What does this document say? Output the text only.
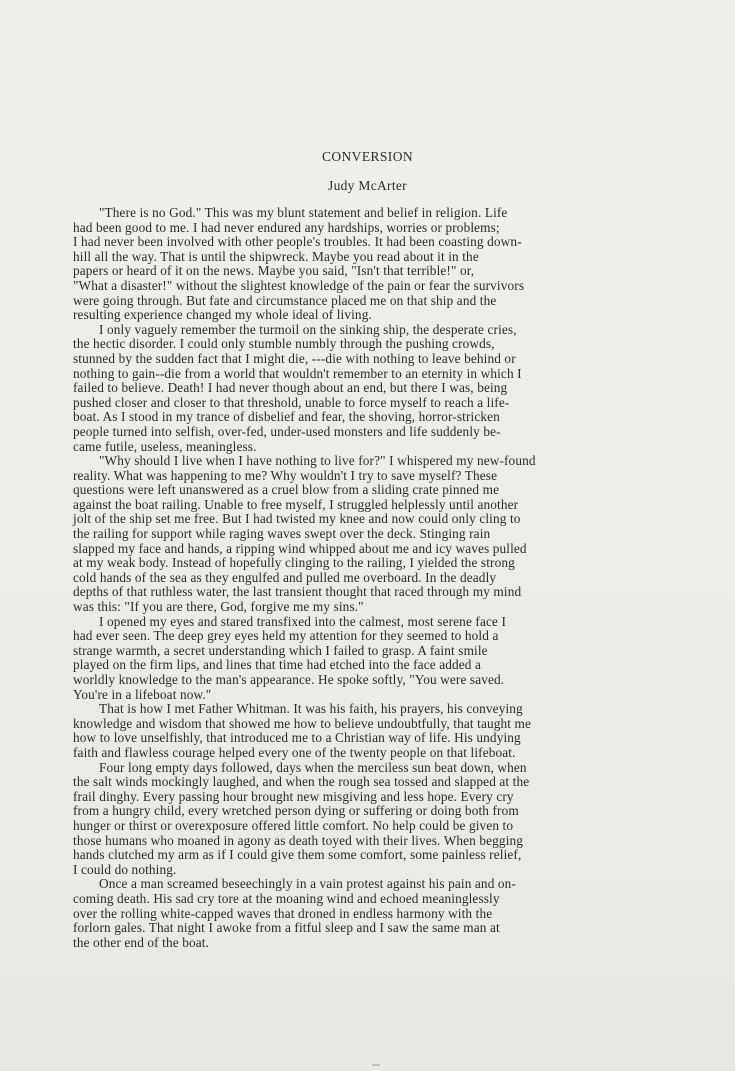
CONVERSION
Judy McArter
"There is no God." This was my blunt statement and belief in religion. Life
had been good to me. I had never endured any hardships, worries or problems;
I had never been involved with other people's troubles. It had been coasting down-
hill all the way. That is until the shipwreck. Maybe you read about it in the
papers or heard of it on the news. Maybe you said, "Isn't that terrible!" or,
"What a disaster!" without the slightest knowledge of the pain or fear the survivors
were going through. But fate and circumstance placed me on that ship and the
resulting experience changed my whole ideal of living.
I only vaguely remember the turmoil on the sinking ship, the desperate cries,
the hectic disorder. I could only stumble numbly through the pushing crowds,
stunned by the sudden fact that I might die, ---die with nothing to leave behind or
nothing to gain--die from a world that wouldn't remember to an eternity in which I
failed to believe. Death! I had never though about an end, but there I was, being
pushed closer and closer to that threshold, unable to force myself to reach a life-
boat. As I stood in my trance of disbelief and fear, the shoving, horror-stricken
people turned into selfish, over-fed, under-used monsters and life suddenly be-
came futile, useless, meaningless.
"Why should I live when I have nothing to live for?" I whispered my new-found
reality. What was happening to me? Why wouldn't I try to save myself? These
questions were left unanswered as a cruel blow from a sliding crate pinned me
against the boat railing. Unable to free myself, I struggled helplessly until another
jolt of the ship set me free. But I had twisted my knee and now could only cling to
the railing for support while raging waves swept over the deck. Stinging rain
slapped my face and hands, a ripping wind whipped about me and icy waves pulled
at my weak body. Instead of hopefully clinging to the railing, I yielded the strong
cold hands of the sea as they engulfed and pulled me overboard. In the deadly
depths of that ruthless water, the last transient thought that raced through my mind
was this: "If you are there, God, forgive me my sins."
I opened my eyes and stared transfixed into the calmest, most serene face I
had ever seen. The deep grey eyes held my attention for they seemed to hold a
strange warmth, a secret understanding which I failed to grasp. A faint smile
played on the firm lips, and lines that time had etched into the face added a
worldly knowledge to the man's appearance. He spoke softly, "You were saved.
You're in a lifeboat now."
That is how I met Father Whitman. It was his faith, his prayers, his conveying
knowledge and wisdom that showed me how to believe undoubtfully, that taught me
how to love unselfishly, that introduced me to a Christian way of life. His undying
faith and flawless courage helped every one of the twenty people on that lifeboat.
Four long empty days followed, days when the merciless sun beat down, when
the salt winds mockingly laughed, and when the rough sea tossed and slapped at the
frail dinghy. Every passing hour brought new misgiving and less hope. Every cry
from a hungry child, every wretched person dying or suffering or doing both from
hunger or thirst or overexposure offered little comfort. No help could be given to
those humans who moaned in agony as death toyed with their lives. When begging
hands clutched my arm as if I could give them some comfort, some painless relief,
I could do nothing.
Once a man screamed beseechingly in a vain protest against his pain and on-
coming death. His sad cry tore at the moaning wind and echoed meaninglessly
over the rolling white-capped waves that droned in endless harmony with the
forlorn gales. That night I awoke from a fitful sleep and I saw the same man at
the other end of the boat.
